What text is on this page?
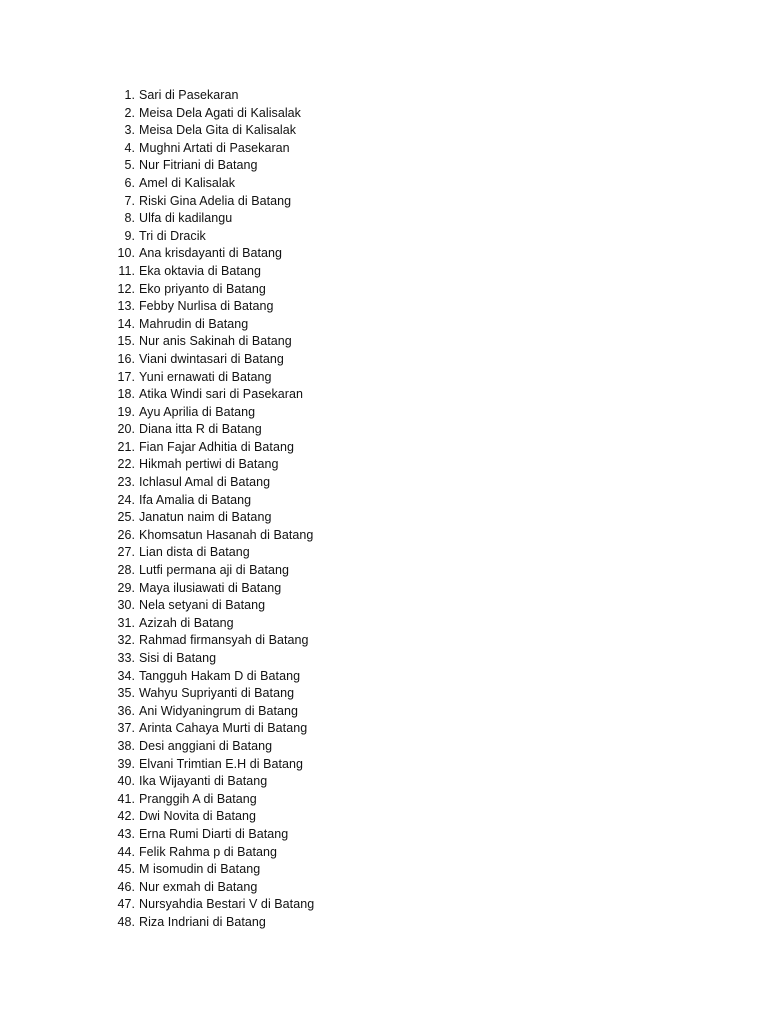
1. Sari di Pasekaran
2. Meisa Dela Agati di Kalisalak
3. Meisa Dela Gita di Kalisalak
4. Mughni Artati di Pasekaran
5. Nur Fitriani di Batang
6. Amel di Kalisalak
7. Riski Gina Adelia di Batang
8. Ulfa di kadilangu
9. Tri di Dracik
10. Ana krisdayanti di Batang
11. Eka oktavia di Batang
12. Eko priyanto di Batang
13. Febby Nurlisa di Batang
14. Mahrudin di Batang
15. Nur anis Sakinah di Batang
16. Viani dwintasari di Batang
17. Yuni ernawati di Batang
18. Atika Windi sari di Pasekaran
19. Ayu Aprilia di Batang
20. Diana itta R di Batang
21. Fian Fajar Adhitia di Batang
22. Hikmah pertiwi di Batang
23. Ichlasul Amal di Batang
24. Ifa Amalia di Batang
25. Janatun naim di Batang
26. Khomsatun Hasanah di Batang
27. Lian dista di Batang
28. Lutfi permana aji di Batang
29. Maya ilusiawati di Batang
30. Nela setyani di Batang
31. Azizah di Batang
32. Rahmad firmansyah di Batang
33. Sisi di Batang
34. Tangguh Hakam D di Batang
35. Wahyu Supriyanti di Batang
36. Ani Widyaningrum di Batang
37. Arinta Cahaya Murti di Batang
38. Desi anggiani di Batang
39. Elvani Trimtian E.H di Batang
40. Ika Wijayanti di Batang
41. Pranggih A di Batang
42. Dwi Novita di Batang
43. Erna Rumi Diarti di Batang
44. Felik Rahma p di Batang
45. M isomudin di Batang
46. Nur exmah di Batang
47. Nursyahdia Bestari V di Batang
48. Riza Indriani di Batang
